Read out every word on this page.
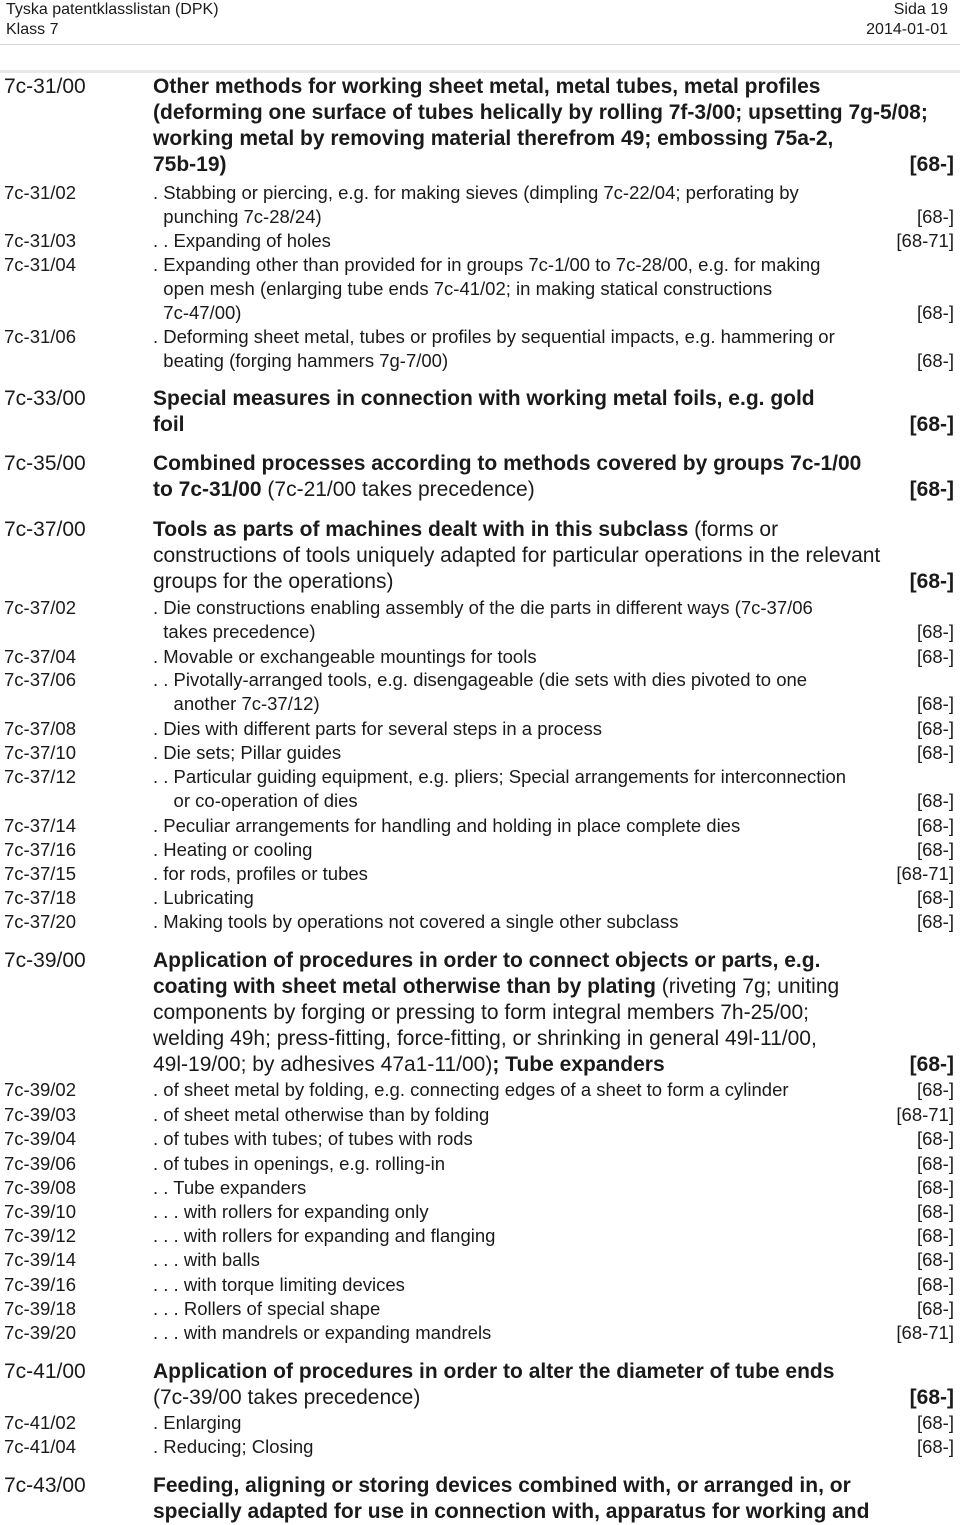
Tyska patentklasslistan (DPK)
Klass 7
Sida 19
2014-01-01
7c-31/00	Other methods for working sheet metal, metal tubes, metal profiles
(deforming one surface of tubes helically by rolling 7f-3/00; upsetting 7g-5/08;
working metal by removing material therefrom 49; embossing 75a-2,
75b-19)	[68-]
7c-31/02	. Stabbing or piercing, e.g. for making sieves (dimpling 7c-22/04; perforating by
punching 7c-28/24)	[68-]
7c-31/03	. . Expanding of holes	[68-71]
7c-31/04	. Expanding other than provided for in groups 7c-1/00 to 7c-28/00, e.g. for making
open mesh (enlarging tube ends 7c-41/02; in making statical constructions
7c-47/00)	[68-]
7c-31/06	. Deforming sheet metal, tubes or profiles by sequential impacts, e.g. hammering or
beating (forging hammers 7g-7/00)	[68-]
7c-33/00	Special measures in connection with working metal foils, e.g. gold
foil	[68-]
7c-35/00	Combined processes according to methods covered by groups 7c-1/00
to 7c-31/00 (7c-21/00 takes precedence)	[68-]
7c-37/00	Tools as parts of machines dealt with in this subclass (forms or
constructions of tools uniquely adapted for particular operations in the relevant
groups for the operations)	[68-]
7c-37/02	. Die constructions enabling assembly of the die parts in different ways (7c-37/06
takes precedence)	[68-]
7c-37/04	. Movable or exchangeable mountings for tools	[68-]
7c-37/06	. . Pivotally-arranged tools, e.g. disengageable (die sets with dies pivoted to one
another 7c-37/12)	[68-]
7c-37/08	. Dies with different parts for several steps in a process	[68-]
7c-37/10	. Die sets; Pillar guides	[68-]
7c-37/12	. . Particular guiding equipment, e.g. pliers; Special arrangements for interconnection
or co-operation of dies	[68-]
7c-37/14	. Peculiar arrangements for handling and holding in place complete dies	[68-]
7c-37/16	. Heating or cooling	[68-]
7c-37/15	. for rods, profiles or tubes	[68-71]
7c-37/18	. Lubricating	[68-]
7c-37/20	. Making tools by operations not covered a single other subclass	[68-]
7c-39/00	Application of procedures in order to connect objects or parts, e.g.
coating with sheet metal otherwise than by plating (riveting 7g; uniting
components by forging or pressing to form integral members 7h-25/00;
welding 49h; press-fitting, force-fitting, or shrinking in general 49l-11/00,
49l-19/00; by adhesives 47a1-11/00); Tube expanders	[68-]
7c-39/02	. of sheet metal by folding, e.g. connecting edges of a sheet to form a cylinder	[68-]
7c-39/03	. of sheet metal otherwise than by folding	[68-71]
7c-39/04	. of tubes with tubes; of tubes with rods	[68-]
7c-39/06	. of tubes in openings, e.g. rolling-in	[68-]
7c-39/08	. . Tube expanders	[68-]
7c-39/10	. . . with rollers for expanding only	[68-]
7c-39/12	. . . with rollers for expanding and flanging	[68-]
7c-39/14	. . . with balls	[68-]
7c-39/16	. . . with torque limiting devices	[68-]
7c-39/18	. . . Rollers of special shape	[68-]
7c-39/20	. . . with mandrels or expanding mandrels	[68-71]
7c-41/00	Application of procedures in order to alter the diameter of tube ends
(7c-39/00 takes precedence)	[68-]
7c-41/02	. Enlarging	[68-]
7c-41/04	. Reducing; Closing	[68-]
7c-43/00	Feeding, aligning or storing devices combined with, or arranged in, or
specially adapted for use in connection with, apparatus for working and
